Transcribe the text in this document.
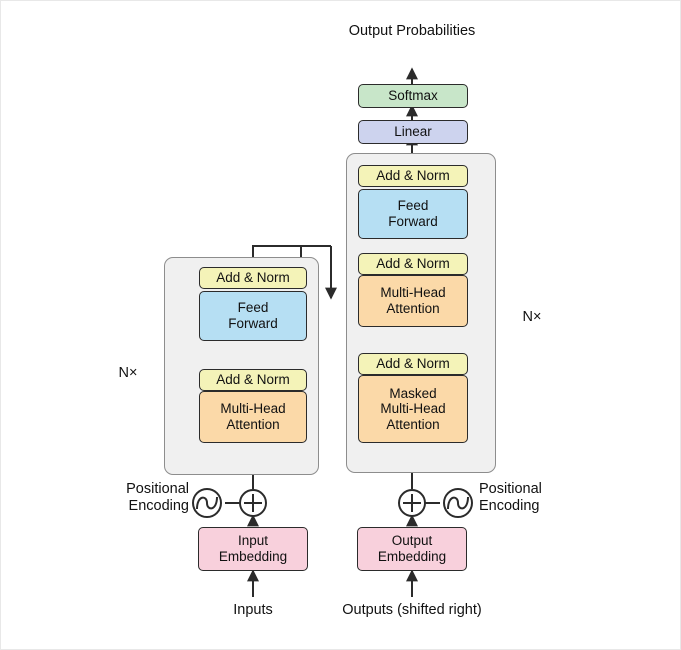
Output Probabilities
Softmax
Linear
Add & Norm
Feed
Forward
Add & Norm
Multi-Head
Attention
Add & Norm
Masked
Multi-Head
Attention
Add & Norm
Feed
Forward
Add & Norm
Multi-Head
Attention
N×
N×
Positional Encoding
Positional Encoding
Input
Embedding
Output
Embedding
Inputs	Outputs (shifted right)
